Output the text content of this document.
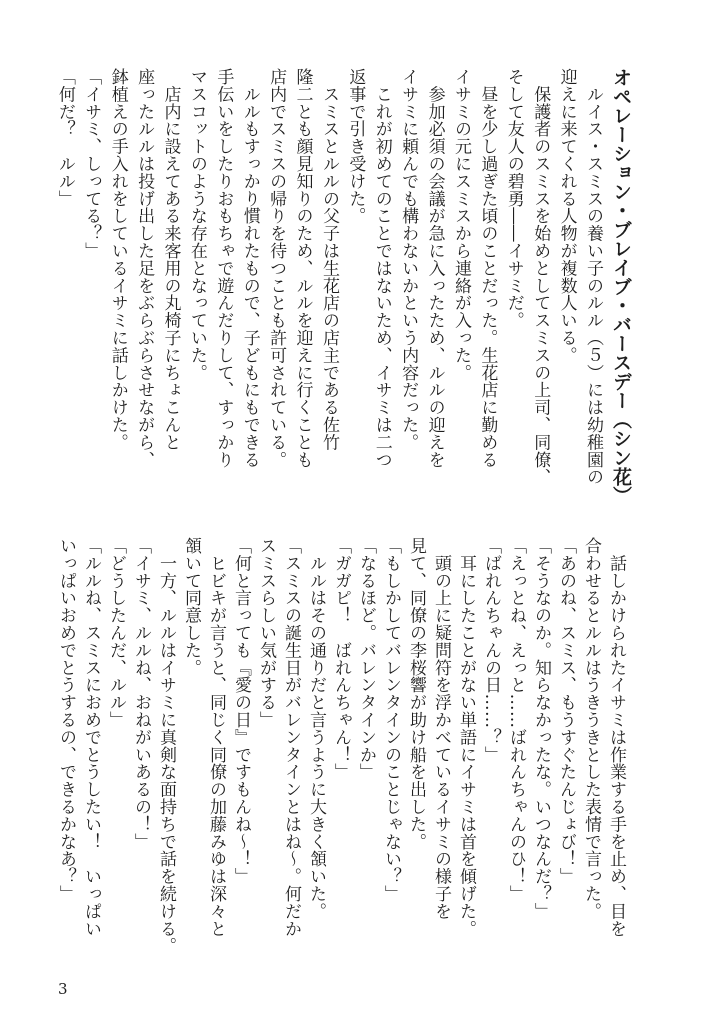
オペレーション・ブレイブ・バースデー（シン花）
　ルイス・スミスの養い子のルル（５）には幼稚園の
迎えに来てくれる人物が複数人いる。
　保護者のスミスを始めとしてスミスの上司、同僚、
そして友人の碧勇――イサミだ。
　昼を少し過ぎた頃のことだった。生花店に勤める
イサミの元にスミスから連絡が入った。
　参加必須の会議が急に入ったため、ルルの迎えを
イサミに頼んでも構わないかという内容だった。
　これが初めてのことではないため、イサミは二つ
返事で引き受けた。
　スミスとルルの父子は生花店の店主である佐竹
隆二とも顔見知りのため、ルルを迎えに行くことも
店内でスミスの帰りを待つことも許可されている。
　ルルもすっかり慣れたもので、子どもにもできる
手伝いをしたりおもちゃで遊んだりして、すっかり
マスコットのような存在となっていた。
　店内に設えてある来客用の丸椅子にちょこんと
座ったルルは投げ出した足をぶらぶらさせながら、
鉢植えの手入れをしているイサミに話しかけた。
「イサミ、しってる？」
「何だ？　ルル」
　話しかけられたイサミは作業する手を止め、目を
合わせるとルルはうきうきとした表情で言った。
「あのね、スミス、もうすぐたんじょび！」
「そうなのか。知らなかったな。いつなんだ？」
「えっとね、えっと……ばれんちゃんのひ！」
「ばれんちゃんの日……？」
　耳にしたことがない単語にイサミは首を傾げた。
　頭の上に疑問符を浮かべているイサミの様子を
見て、同僚の李桜響が助け船を出した。
「もしかしてバレンタインのことじゃない？」
「なるほど。バレンタインか」
「ガガピ！　ばれんちゃん！」
　ルルはその通りだと言うように大きく頷いた。
「スミスの誕生日がバレンタインとはね～。何だか
スミスらしい気がする」
「何と言っても『愛の日』ですもんね～！」
　ヒビキが言うと、同じく同僚の加藤みゆは深々と
頷いて同意した。
　一方、ルルはイサミに真剣な面持ちで話を続ける。
「イサミ、ルルね、おねがいあるの！」
「どうしたんだ、ルル」
「ルルね、スミスにおめでとうしたい！　いっぱい
いっぱいおめでとうするの、できるかなあ？」
3
